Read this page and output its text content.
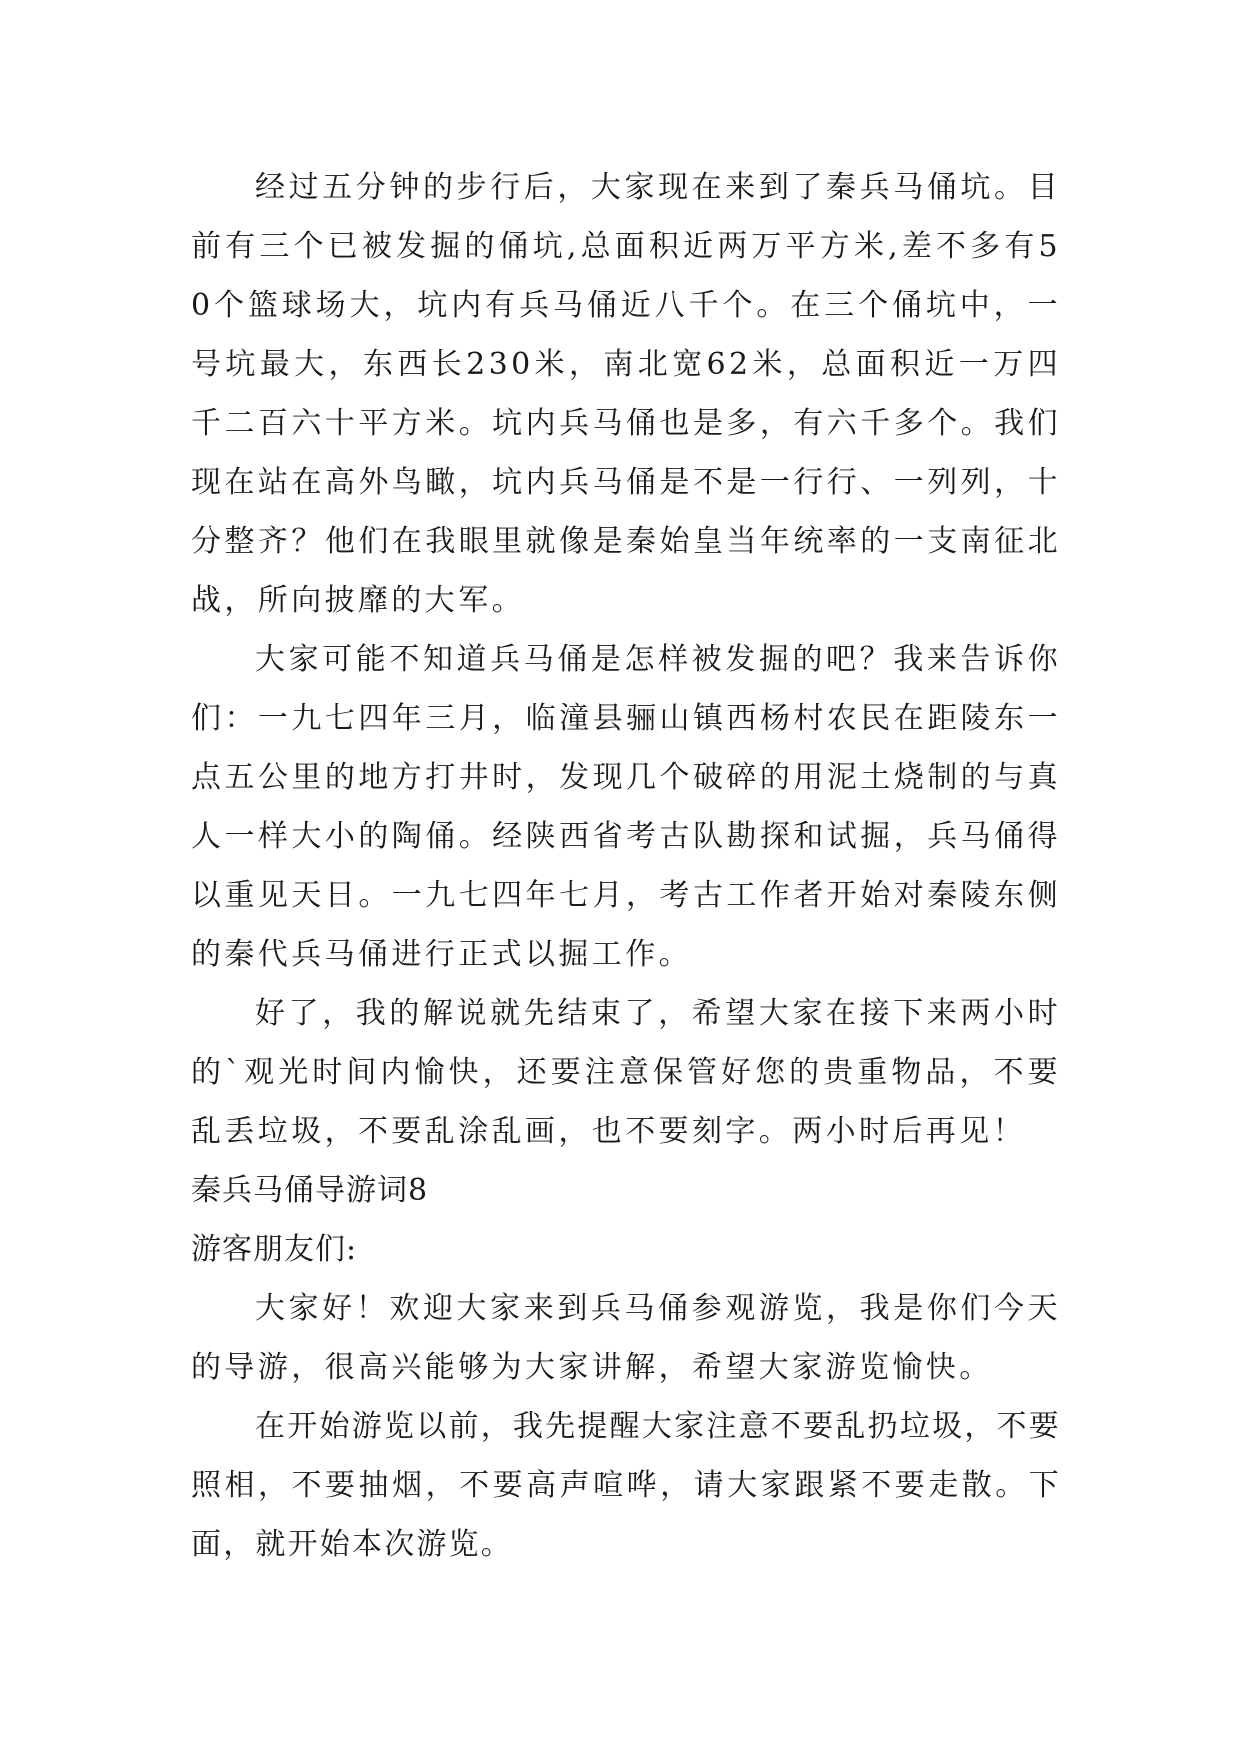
经过五分钟的步行后，大家现在来到了秦兵马俑坑。目前有三个已被发掘的俑坑,总面积近两万平方米,差不多有50个篮球场大，坑内有兵马俑近八千个。在三个俑坑中，一号坑最大，东西长230米，南北宽62米，总面积近一万四千二百六十平方米。坑内兵马俑也是多，有六千多个。我们现在站在高外鸟瞰，坑内兵马俑是不是一行行、一列列，十分整齐？他们在我眼里就像是秦始皇当年统率的一支南征北战，所向披靡的大军。

大家可能不知道兵马俑是怎样被发掘的吧？我来告诉你们：一九七四年三月，临潼县骊山镇西杨村农民在距陵东一点五公里的地方打井时，发现几个破碎的用泥土烧制的与真人一样大小的陶俑。经陕西省考古队勘探和试掘，兵马俑得以重见天日。一九七四年七月，考古工作者开始对秦陵东侧的秦代兵马俑进行正式以掘工作。

好了，我的解说就先结束了，希望大家在接下来两小时的`观光时间内愉快，还要注意保管好您的贵重物品，不要乱丢垃圾，不要乱涂乱画，也不要刻字。两小时后再见！

秦兵马俑导游词8

游客朋友们:

大家好！欢迎大家来到兵马俑参观游览，我是你们今天的导游，很高兴能够为大家讲解，希望大家游览愉快。

在开始游览以前，我先提醒大家注意不要乱扔垃圾，不要照相，不要抽烟，不要高声喧哗，请大家跟紧不要走散。下面，就开始本次游览。
